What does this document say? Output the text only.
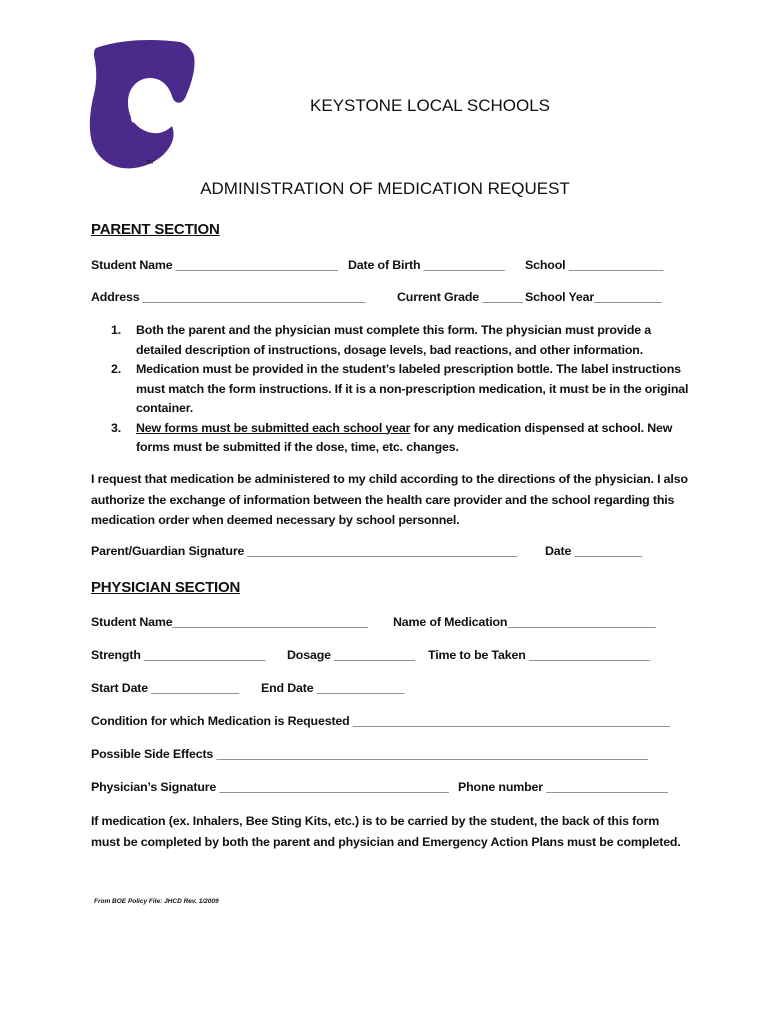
TM
KEYSTONE LOCAL SCHOOLS
ADMINISTRATION OF MEDICATION REQUEST
PARENT SECTION
Student Name ________________________ Date of Birth ____________ School ______________
Address _________________________________	Current Grade ______ School Year__________
1. Both the parent and the physician must complete this form. The physician must provide a detailed description of instructions, dosage levels, bad reactions, and other information.
2. Medication must be provided in the student’s labeled prescription bottle. The label instructions must match the form instructions. If it is a non-prescription medication, it must be in the original container.
3. New forms must be submitted each school year for any medication dispensed at school. New forms must be submitted if the dose, time, etc. changes.
I request that medication be administered to my child according to the directions of the physician. I also authorize the exchange of information between the health care provider and the school regarding this medication order when deemed necessary by school personnel.
Parent/Guardian Signature ________________________________________ Date __________
PHYSICIAN SECTION
Student Name_____________________________ Name of Medication______________________
Strength __________________ Dosage ____________ Time to be Taken __________________
Start Date _____________ End Date _____________
Condition for which Medication is Requested _______________________________________________
Possible Side Effects ________________________________________________________________
Physician’s Signature __________________________________ Phone number __________________
If medication (ex. Inhalers, Bee Sting Kits, etc.) is to be carried by the student, the back of this form must be completed by both the parent and physician and Emergency Action Plans must be completed.
From BOE Policy File: JHCD Rev. 1/2009
